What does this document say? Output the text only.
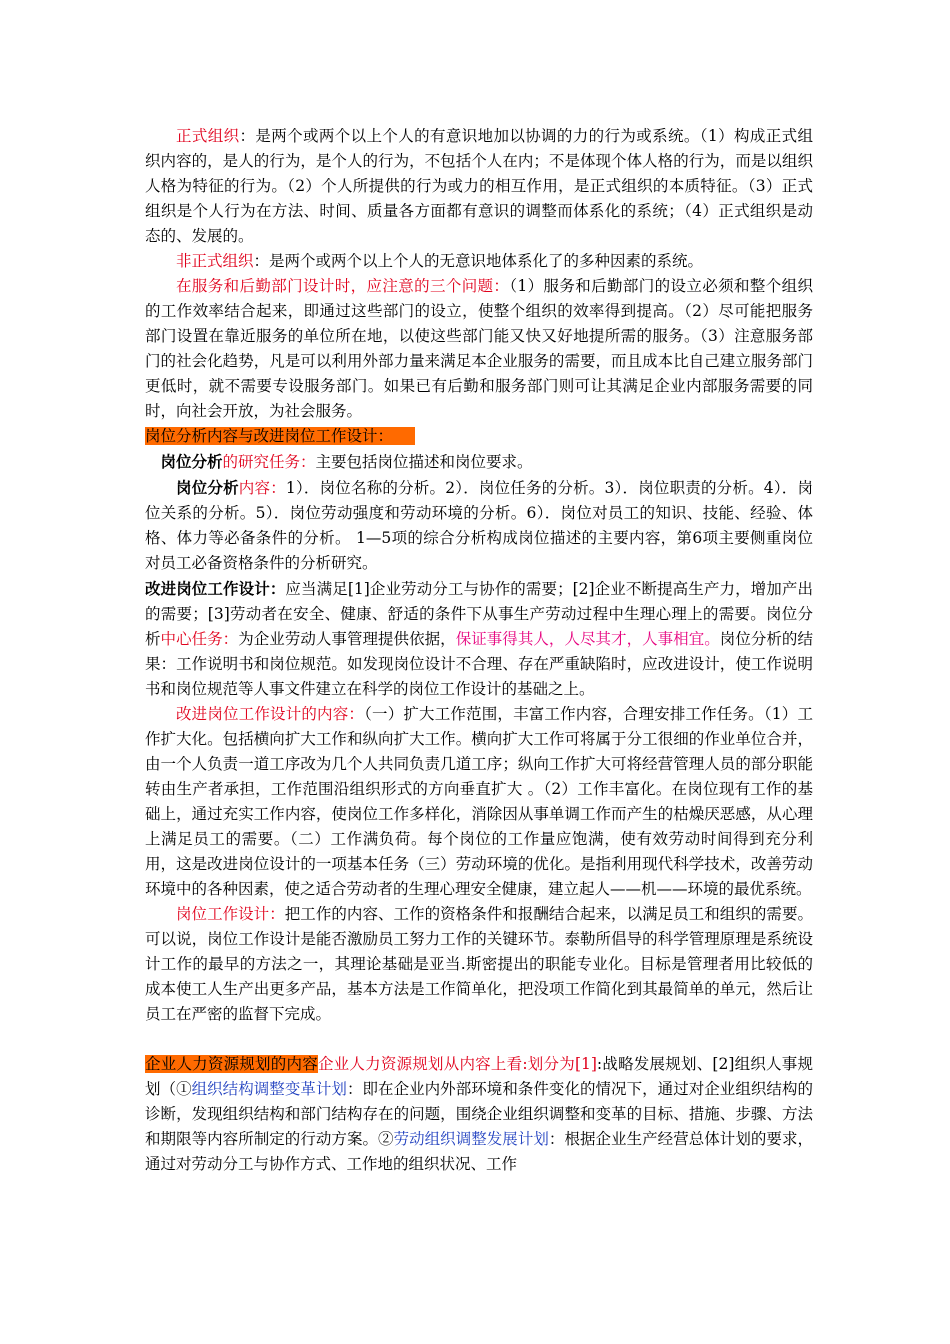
正式组织：是两个或两个以上个人的有意识地加以协调的力的行为或系统。（1）构成正式组织内容的，是人的行为，是个人的行为，不包括个人在内；不是体现个体人格的行为，而是以组织人格为特征的行为。（2）个人所提供的行为或力的相互作用，是正式组织的本质特征。（3）正式组织是个人行为在方法、时间、质量各方面都有意识的调整而体系化的系统；（4）正式组织是动态的、发展的。

非正式组织：是两个或两个以上个人的无意识地体系化了的多种因素的系统。

在服务和后勤部门设计时，应注意的三个问题：（1）服务和后勤部门的设立必须和整个组织的工作效率结合起来，即通过这些部门的设立，使整个组织的效率得到提高。（2）尽可能把服务部门设置在靠近服务的单位所在地，以使这些部门能又快又好地提所需的服务。（3）注意服务部门的社会化趋势，凡是可以利用外部力量来满足本企业服务的需要，而且成本比自己建立服务部门更低时，就不需要专设服务部门。如果已有后勤和服务部门则可让其满足企业内部服务需要的同时，向社会开放，为社会服务。

岗位分析内容与改进岗位工作设计：

岗位分析的研究任务：主要包括岗位描述和岗位要求。

岗位分析内容：1）．岗位名称的分析。2）．岗位任务的分析。3）．岗位职责的分析。4）．岗位关系的分析。5）．岗位劳动强度和劳动环境的分析。6）．岗位对员工的知识、技能、经验、体格、体力等必备条件的分析。 1—5项的综合分析构成岗位描述的主要内容，第6项主要侧重岗位对员工必备资格条件的分析研究。

改进岗位工作设计：应当满足[1]企业劳动分工与协作的需要；[2]企业不断提高生产力，增加产出的需要；[3]劳动者在安全、健康、舒适的条件下从事生产劳动过程中生理心理上的需要。岗位分析中心任务：为企业劳动人事管理提供依据，保证事得其人，人尽其才，人事相宜。岗位分析的结果：工作说明书和岗位规范。如发现岗位设计不合理、存在严重缺陷时，应改进设计，使工作说明书和岗位规范等人事文件建立在科学的岗位工作设计的基础之上。

改进岗位工作设计的内容：（一）扩大工作范围，丰富工作内容，合理安排工作任务。（1）工作扩大化。包括横向扩大工作和纵向扩大工作。横向扩大工作可将属于分工很细的作业单位合并，由一个人负责一道工序改为几个人共同负责几道工序；纵向工作扩大可将经营管理人员的部分职能转由生产者承担，工作范围沿组织形式的方向垂直扩大 。（2）工作丰富化。在岗位现有工作的基础上，通过充实工作内容，使岗位工作多样化，消除因从事单调工作而产生的枯燥厌恶感，从心理上满足员工的需要。（二）工作满负荷。每个岗位的工作量应饱满，使有效劳动时间得到充分利用，这是改进岗位设计的一项基本任务（三）劳动环境的优化。是指利用现代科学技术，改善劳动环境中的各种因素，使之适合劳动者的生理心理安全健康，建立起人——机——环境的最优系统。

岗位工作设计：把工作的内容、工作的资格条件和报酬结合起来，以满足员工和组织的需要。可以说，岗位工作设计是能否激励员工努力工作的关键环节。泰勒所倡导的科学管理原理是系统设计工作的最早的方法之一，其理论基础是亚当.斯密提出的职能专业化。目标是管理者用比较低的成本使工人生产出更多产品，基本方法是工作简单化，把没项工作简化到其最简单的单元，然后让员工在严密的监督下完成。

企业人力资源规划的内容企业人力资源规划从内容上看:划分为[1]:战略发展规划、[2]组织人事规划（①组织结构调整变革计划：即在企业内外部环境和条件变化的情况下，通过对企业组织结构的诊断，发现组织结构和部门结构存在的问题，围绕企业组织调整和变革的目标、措施、步骤、方法和期限等内容所制定的行动方案。②劳动组织调整发展计划：根据企业生产经营总体计划的要求，通过对劳动分工与协作方式、工作地的组织状况、工作
